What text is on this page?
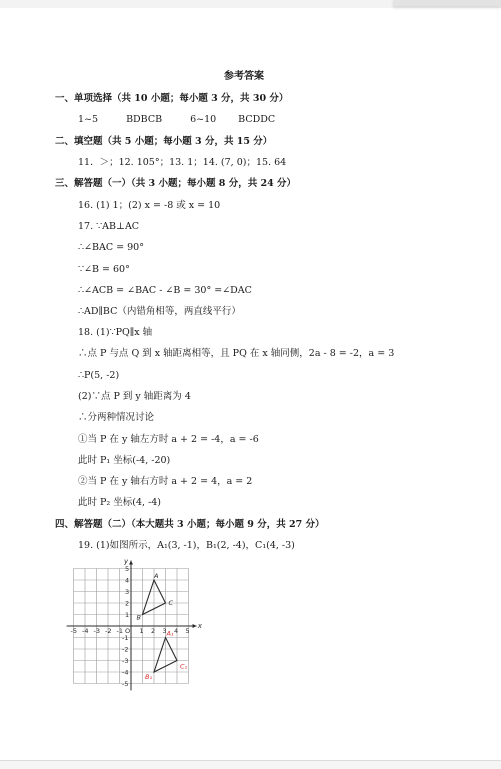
参考答案
一、单项选择（共 10 小题；每小题 3 分，共 30 分）
1~5	BDBCB	6~10 BCDDC
二、填空题（共 5 小题；每小题 3 分，共 15 分）
11．＞；12. 105°；13. 1；14. (7, 0)；15. 64
三、解答题（一）（共 3 小题；每小题 8 分，共 24 分）
16. (1) 1；(2) x = -8 或 x = 10
17. ∵AB⊥AC
∴∠BAC = 90°
∵∠B = 60°
∴∠ACB = ∠BAC - ∠B = 30° =∠DAC
∴AD∥BC（内错角相等，两直线平行）
18. (1)∵PQ∥x 轴
∴点 P 与点 Q 到 x 轴距离相等，且 PQ 在 x 轴同侧，2a - 8 = -2，a = 3
∴P(5, -2)
(2)∵点 P 到 y 轴距离为 4
∴分两种情况讨论
①当 P 在 y 轴左方时 a + 2 = -4，a = -6
此时 P₁ 坐标(-4, -20)
②当 P 在 y 轴右方时 a + 2 = 4，a = 2
此时 P₂ 坐标(4, -4)
四、解答题（二）（本大题共 3 小题；每小题 9 分，共 27 分）
19. (1)如图所示，A₁(3, -1)，B₁(2, -4)，C₁(4, -3)
x
y
O
-5 -4 -3 -2 -1	1 2 3 4 5
5
4
3
2
1
-1
-2
-3
-4
-5
A
B
C
A₁
B₁
C₁
